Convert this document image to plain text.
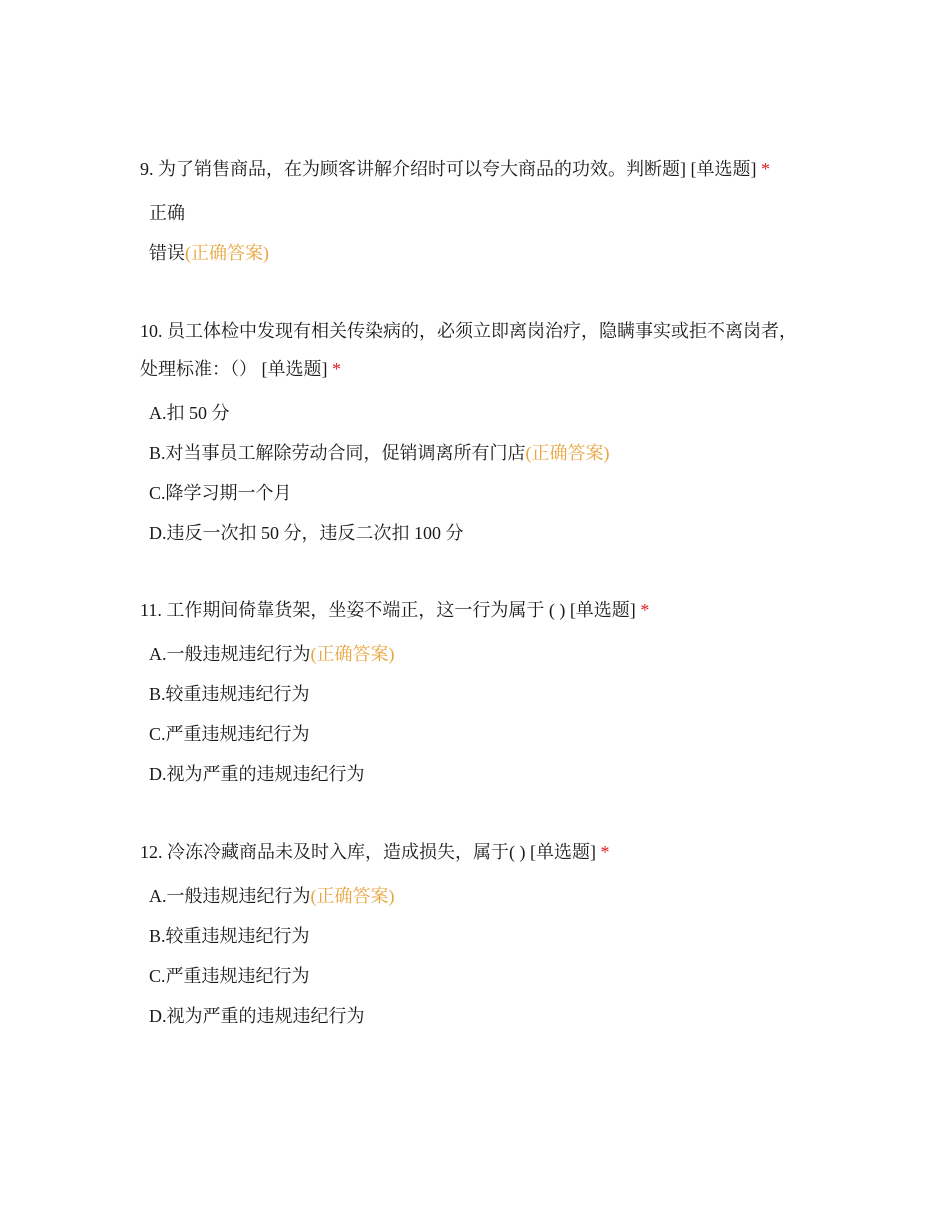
9. 为了销售商品，在为顾客讲解介绍时可以夸大商品的功效。判断题] [单选题] *

正确
错误(正确答案)

10. 员工体检中发现有相关传染病的，必须立即离岗治疗，隐瞒事实或拒不离岗者，处理标准：（） [单选题] *

A.扣 50 分
B.对当事员工解除劳动合同，促销调离所有门店(正确答案)
C.降学习期一个月
D.违反一次扣 50 分，违反二次扣 100 分

11. 工作期间倚靠货架，坐姿不端正，这一行为属于 ( ) [单选题] *

A.一般违规违纪行为(正确答案)
B.较重违规违纪行为
C.严重违规违纪行为
D.视为严重的违规违纪行为

12. 冷冻冷藏商品未及时入库，造成损失，属于( ) [单选题] *

A.一般违规违纪行为(正确答案)
B.较重违规违纪行为
C.严重违规违纪行为
D.视为严重的违规违纪行为
